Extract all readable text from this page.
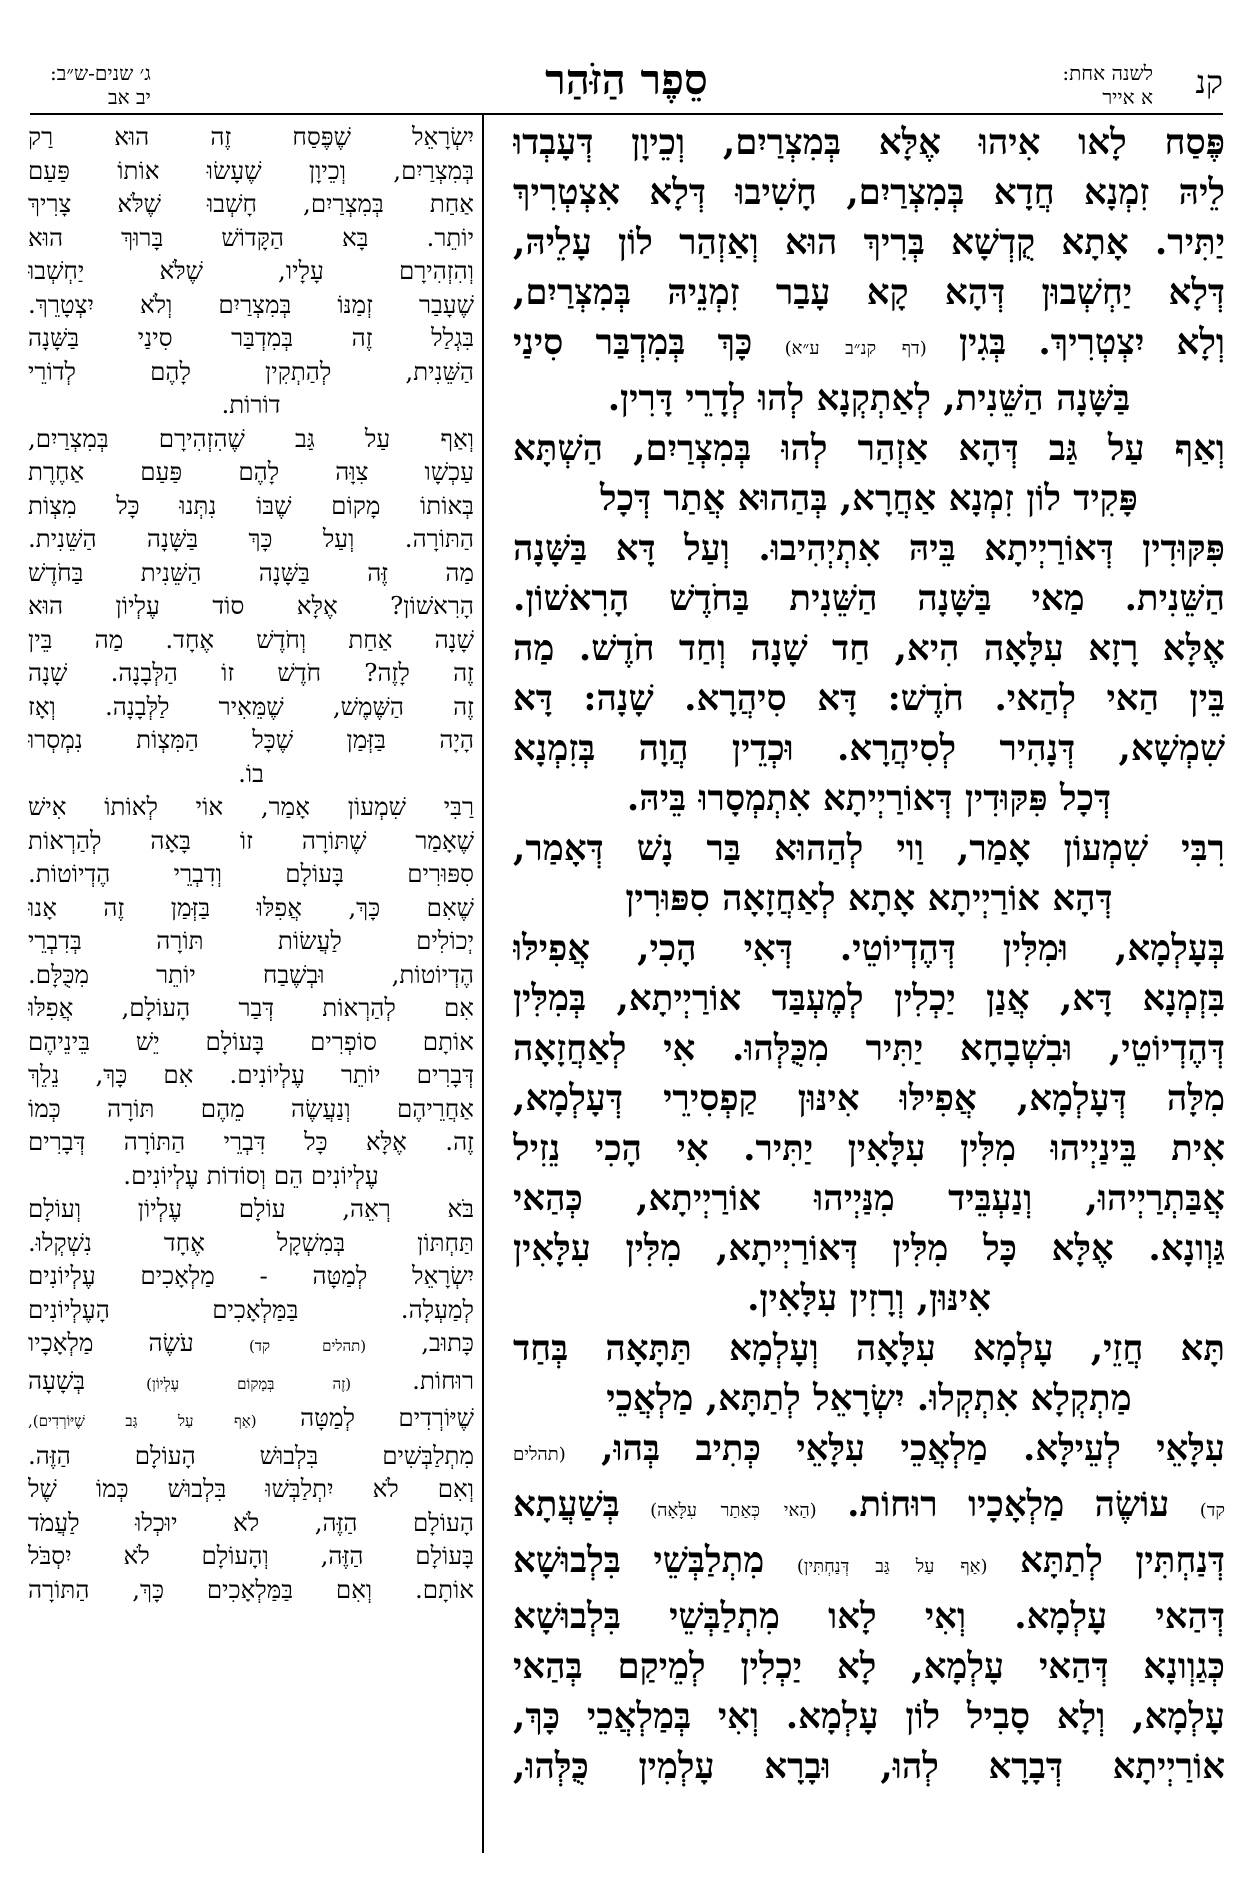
קנ
לשנה אחת:
א אייר
סֵפֶר הַזֹּהַר
ג׳ שנים-ש״ב:
יב אב

פֶּסַח לָאו אִיהוּ אֶלָּא בְּמִצְרַיִם, וְכֵיוָן דְּעָבְדוּ

לֵיהּ זִמְנָא חֲדָא בְּמִצְרַיִם, חָשִׁיבוּ דְּלָא אִצְטְרִיךְ

יַתִּיר. אָתָא קֻדְשָׁא בְּרִיךְ הוּא וְאַזְהַר לוֹן עָלֵיהּ,

דְּלָא יַחְשְׁבוּן דְּהָא קָא עָבַר זִמְנֵיהּ בְּמִצְרַיִם,

וְלָא יִצְטְרִיךְ. בְּגִין (דף קנ״ב ע״א) כָּךְ בְּמִדְבַּר סִינַי

בַּשָּׁנָה הַשֵּׁנִית, לְאַתְקְנָא לְהוּ לְדָרֵי דָּרִין.

וְאַף עַל גַּב דְּהָא אַזְהַר לְהוּ בְּמִצְרַיִם, הַשְׁתָּא

פָּקִיד לוֹן זִמְנָא אַחֲרָא, בְּהַהוּא אֲתַר דְּכָל

פִּקּוּדִין דְּאוֹרַיְיתָא בֵּיהּ אִתְיְהִיבוּ. וְעַל דָּא בַּשָּׁנָה

הַשֵּׁנִית. מַאי בַּשָּׁנָה הַשֵּׁנִית בַּחֹדֶשׁ הָרִאשׁוֹן.

אֶלָּא רָזָא עִלָּאָה הִיא, חַד שָׁנָה וְחַד חֹדֶשׁ. מַה

בֵּין הַאי לְהַאי. חֹדֶשׁ: דָּא סִיהֲרָא. שָׁנָה: דָּא

שִׁמְשָׁא, דְּנָהִיר לְסִיהֲרָא. וּכְדֵין הֲוָה בְּזִמְנָא

דְּכָל פִּקּוּדִין דְּאוֹרַיְיתָא אִתְמְסָרוּ בֵּיהּ.

רִבִּי שִׁמְעוֹן אָמַר, וַוי לְהַהוּא בַּר נָשׁ דְּאָמַר,

דְּהָא אוֹרַיְיתָא אָתָא לְאַחֲזָאָה סִפּוּרִין

בְּעָלְמָא, וּמִלִּין דְּהֶדְיוֹטֵי. דְּאִי הָכִי, אֲפִילּוּ

בִּזְמְנָא דָּא, אֲנַן יַכְלִין לְמֶעְבַּד אוֹרַיְיתָא, בְּמִלִּין

דְּהֶדְיוֹטֵי, וּבִשְׁבָחָא יַתִּיר מִכֻּלְּהוּ. אִי לְאַחֲזָאָה

מִלָּה דְּעָלְמָא, אֲפִילּוּ אִינּוּן קַפְסִירֵי דְּעָלְמָא,

אִית בֵּינַיְיהוּ מִלִּין עִלָּאִין יַתִּיר. אִי הָכִי נֵזִיל

אֲבַּתְרַיְיהוּ, וְנַעְבֵּיד מִנַּיְיהוּ אוֹרַיְיתָא, כְּהַאי

גַּוְונָא. אֶלָּא כָּל מִלִּין דְּאוֹרַיְיתָא, מִלִּין עִלָּאִין

אִינּוּן, וְרָזִין עִלָּאִין.

תָּא חֲזֵי, עָלְמָא עִלָּאָה וְעָלְמָא תַּתָּאָה בְּחַד

מַתְקְלָא אִתְקְלוּ. יִשְׂרָאֵל לְתַתָּא, מַלְאֲכֵי

עִלָּאֵי לְעֵילָּא. מַלְאֲכֵי עִלָּאֵי כְּתִיב בְּהוּ, (תהלים

קד) עוֹשֶׂה מַלְאָכָיו רוּחוֹת. (הַאי כְּאַתַר עִלָּאָה) בְּשַׁעֲתָא

דְּנַחְתִּין לְתַתָּא (אַף עַל גַּב דְּנַחְתִּין) מִתְלַבְּשֵׁי בִּלְבוּשָׁא

דְּהַאי עָלְמָא. וְאִי לָאו מִתְלַבְּשֵׁי בִּלְבוּשָׁא

כְּגַוְונָא דְּהַאי עָלְמָא, לָא יַכְלִין לְמֵיקַם בְּהַאי

עָלְמָא, וְלָא סָבִיל לוֹן עָלְמָא. וְאִי בְּמַלְאֲכֵי כָּךְ,

אוֹרַיְיתָא דְּבָרָא לְהוּ, וּבָרָא עָלְמִין כֻּלְּהוּ,

יִשְׂרָאֵל שֶׁפֶּסַח זֶה הוּא רַק

בְּמִצְרַיִם, וְכֵיוָן שֶׁעָשׂוּ אוֹתוֹ פַּעַם

אַחַת בְּמִצְרַיִם, חָשְׁבוּ שֶׁלֹּא צָרִיךְ

יוֹתֵר. בָּא הַקָּדוֹשׁ בָּרוּךְ הוּא

וְהִזְהִירָם עָלָיו, שֶׁלֹּא יַחְשְׁבוּ

שֶׁעָבַר זְמַנּוֹ בְּמִצְרַיִם וְלֹא יִצְטָרֵךְ.

בִּגְלַל זֶה בְּמִדְבַּר סִינַי בַּשָּׁנָה

הַשֵּׁנִית, לְהַתְקִין לָהֶם לְדוֹרֵי

דוֹרוֹת.

וְאַף עַל גַּב שֶׁהִזְהִירָם בְּמִצְרַיִם,

עַכְשָׁו צִוָּה לָהֶם פַּעַם אַחֶרֶת

בְּאוֹתוֹ מָקוֹם שֶׁבּוֹ נִתְּנוּ כָּל מִצְוֹת

הַתּוֹרָה. וְעַל כָּךְ בַּשָּׁנָה הַשֵּׁנִית.

מַה זֶּה בַּשָּׁנָה הַשֵּׁנִית בַּחֹדֶשׁ

הָרִאשׁוֹן? אֶלָּא סוֹד עֶלְיוֹן הוּא

שָׁנָה אַחַת וְחֹדֶשׁ אֶחָד. מַה בֵּין

זֶה לָזֶה? חֹדֶשׁ זוֹ הַלְּבָנָה. שָׁנָה

זֶה הַשֶּׁמֶשׁ, שֶׁמֵּאִיר לַלְּבָנָה. וְאָז

הָיָה בַּזְּמַן שֶׁכָּל הַמִּצְוֹת נִמְסְרוּ

בוֹ.

רַבִּי שִׁמְעוֹן אָמַר, אוֹי לְאוֹתוֹ אִישׁ

שֶׁאָמַר שֶׁתּוֹרָה זוֹ בָּאָה לְהַרְאוֹת

סִפּוּרִים בָּעוֹלָם וְדִבְרֵי הֶדְיוֹטוֹת.

שֶׁאִם כָּךְ, אֲפִלּוּ בַּזְּמַן זֶה אָנוּ

יְכוֹלִים לַעֲשׂוֹת תּוֹרָה בְּדִבְרֵי

הֶדְיוֹטוֹת, וּבְשֶׁבַח יוֹתֵר מִכֻּלָּם.

אִם לְהַרְאוֹת דְּבַר הָעוֹלָם, אֲפִלּוּ

אוֹתָם סוֹפְרִים בָּעוֹלָם יֵשׁ בֵּינֵיהֶם

דְּבָרִים יוֹתֵר עֶלְיוֹנִים. אִם כָּךְ, נֵלֵךְ

אַחֲרֵיהֶם וְנַעֲשֶׂה מֵהֶם תּוֹרָה כְּמוֹ

זֶה. אֶלָּא כָּל דִּבְרֵי הַתּוֹרָה דְּבָרִים

עֶלְיוֹנִים הֵם וְסוֹדוֹת עֶלְיוֹנִים.

בֹּא רְאֵה, עוֹלָם עֶלְיוֹן וְעוֹלָם

תַּחְתּוֹן בְּמִשְׁקָל אֶחָד נִשְׁקְלוּ.

יִשְׂרָאֵל לְמַטָּה - מַלְאָכִים עֶלְיוֹנִים

לְמַעְלָה. בַּמַּלְאָכִים הָעֶלְיוֹנִים

כָּתוּב, (תהלים קד) עֹשֶׂה מַלְאָכָיו

רוּחוֹת. (זֶה בְּמָקוֹם עֶלְיוֹן) בְּשָׁעָה

שֶׁיּוֹרְדִים לְמַטָּה (אַף עַל גַּב שֶׁיּוֹרְדִים),

מִתְלַבְּשִׁים בִּלְבוּשׁ הָעוֹלָם הַזֶּה.

וְאִם לֹא יִתְלַבְּשׁוּ בִּלְבוּשׁ כְּמוֹ שֶׁל

הָעוֹלָם הַזֶּה, לֹא יוּכְלוּ לַעֲמֹד

בָּעוֹלָם הַזֶּה, וְהָעוֹלָם לֹא יִסְבֹּל

אוֹתָם. וְאִם בַּמַּלְאָכִים כָּךְ, הַתּוֹרָה
